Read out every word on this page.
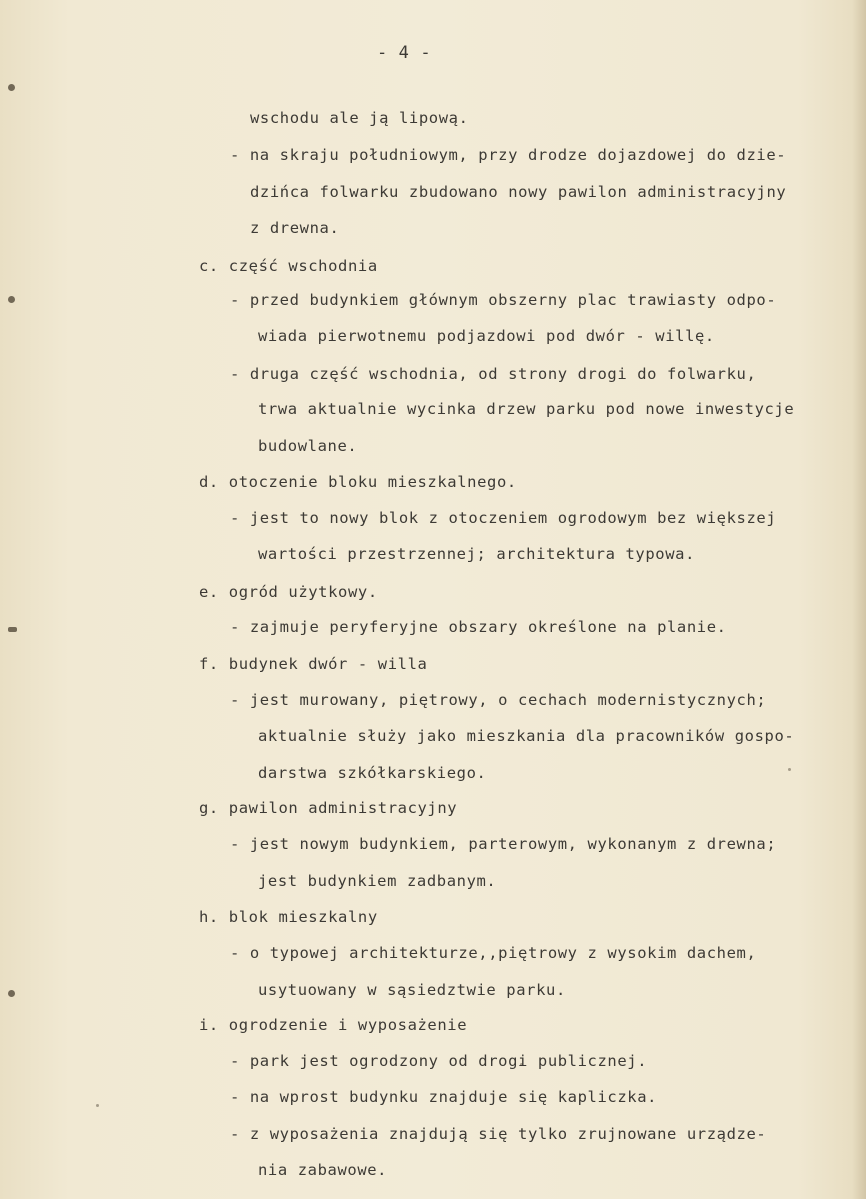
- 4 -
wschodu ale ją lipową.
- na skraju południowym, przy drodze dojazdowej do dzie-
dzińca folwarku zbudowano nowy pawilon administracyjny
z drewna.
c. część wschodnia
- przed budynkiem głównym obszerny plac trawiasty odpo-
wiada pierwotnemu podjazdowi pod dwór - willę.
- druga część wschodnia, od strony drogi do folwarku,
trwa aktualnie wycinka drzew parku pod nowe inwestycje
budowlane.
d. otoczenie bloku mieszkalnego.
- jest to nowy blok z otoczeniem ogrodowym bez większej
wartości przestrzennej; architektura typowa.
e. ogród użytkowy.
- zajmuje peryferyjne obszary określone na planie.
f. budynek dwór - willa
- jest murowany, piętrowy, o cechach modernistycznych;
aktualnie służy jako mieszkania dla pracowników gospo-
darstwa szkółkarskiego.
g. pawilon administracyjny
- jest nowym budynkiem, parterowym, wykonanym z drewna;
jest budynkiem zadbanym.
h. blok mieszkalny
- o typowej architekturze,,piętrowy z wysokim dachem,
usytuowany w sąsiedztwie parku.
i. ogrodzenie i wyposażenie
- park jest ogrodzony od drogi publicznej.
- na wprost budynku znajduje się kapliczka.
- z wyposażenia znajdują się tylko zrujnowane urządze-
nia zabawowe.
